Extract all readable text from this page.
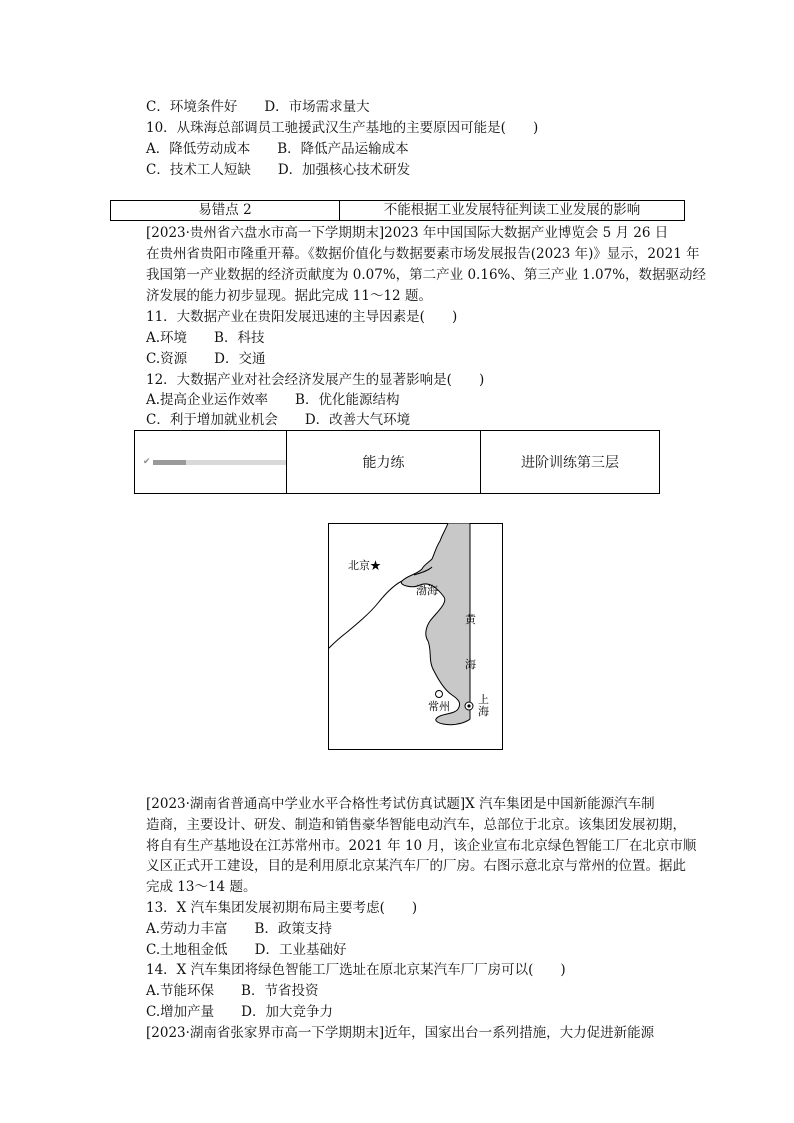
C．环境条件好　　D．市场需求量大
10．从珠海总部调员工驰援武汉生产基地的主要原因可能是(　　)
A．降低劳动成本　　B．降低产品运输成本
C．技术工人短缺　　D．加强核心技术研发
易错点 2	不能根据工业发展特征判读工业发展的影响
[2023·贵州省六盘水市高一下学期期末]2023 年中国国际大数据产业博览会 5 月 26 日
在贵州省贵阳市隆重开幕。《数据价值化与数据要素市场发展报告(2023 年)》显示，2021 年
我国第一产业数据的经济贡献度为 0.07%，第二产业 0.16%、第三产业 1.07%，数据驱动经
济发展的能力初步显现。据此完成 11～12 题。
11．大数据产业在贵阳发展迅速的主导因素是(　　)
A.环境　　B．科技
C.资源　　D．交通
12．大数据产业对社会经济发展产生的显著影响是(　　)
A.提高企业运作效率　　B．优化能源结构
C．利于增加就业机会　　D．改善大气环境
✔	能力练	进阶训练第三层
北京★
渤海
黄
海
常州
上
海
[2023·湖南省普通高中学业水平合格性考试仿真试题]X 汽车集团是中国新能源汽车制
造商，主要设计、研发、制造和销售豪华智能电动汽车，总部位于北京。该集团发展初期，
将自有生产基地设在江苏常州市。2021 年 10 月，该企业宣布北京绿色智能工厂在北京市顺
义区正式开工建设，目的是利用原北京某汽车厂的厂房。右图示意北京与常州的位置。据此
完成 13～14 题。
13．X 汽车集团发展初期布局主要考虑(　　)
A.劳动力丰富　　B．政策支持
C.土地租金低　　D．工业基础好
14．X 汽车集团将绿色智能工厂选址在原北京某汽车厂厂房可以(　　)
A.节能环保　　B．节省投资
C.增加产量　　D．加大竞争力
[2023·湖南省张家界市高一下学期期末]近年，国家出台一系列措施，大力促进新能源
